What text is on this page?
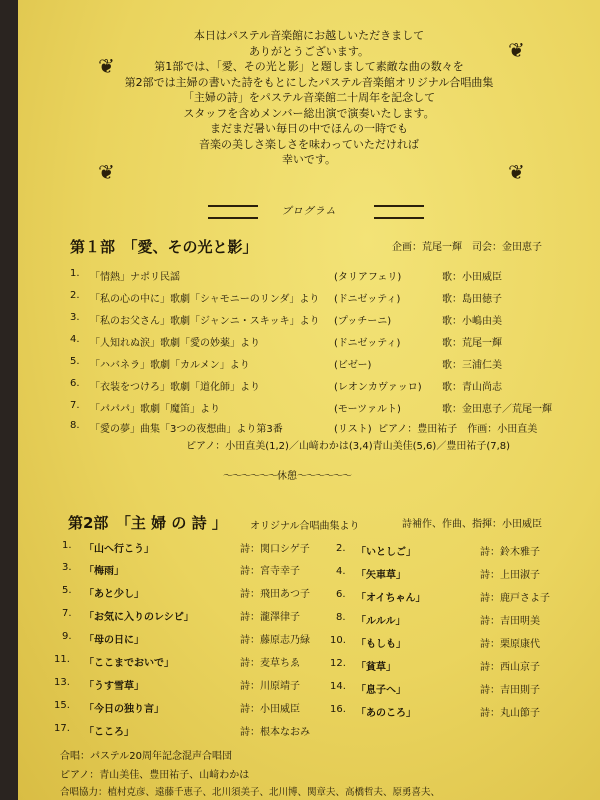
❦
❦
❦	❦
本日はパステル音楽館にお越しいただきまして
ありがとうございます。
第1部では、「愛、その光と影」と題しまして素敵な曲の数々を
第2部では主婦の書いた詩をもとにしたパステル音楽館オリジナル合唱曲集
「主婦の詩」をパステル音楽館二十周年を記念して
スタッフを含めメンバー総出演で演奏いたします。
まだまだ暑い毎日の中でほんの一時でも
音楽の美しさ楽しさを味わっていただければ
幸いです。
プログラム
第１部　「愛、その光と影」	企画：荒尾一輝　司会：金田恵子
1. 「情熱」ナポリ民謡	(タリアフェリ)	歌：小田威臣
2. 「私の心の中に」歌劇「シャモニーのリンダ」より (ドニゼッティ)	歌：島田徳子
3. 「私のお父さん」歌劇「ジャンニ・スキッキ」より (プッチーニ)	歌：小嶋由美
4. 「人知れぬ涙」歌劇「愛の妙薬」より	(ドニゼッティ)	歌：荒尾一輝
5. 「ハバネラ」歌劇「カルメン」より	(ビゼー)	歌：三浦仁美
6. 「衣装をつけろ」歌劇「道化師」より	(レオンカヴァッロ) 歌：青山尚志
7. 「パパパ」歌劇「魔笛」より	(モーツァルト)	歌：金田恵子／荒尾一輝
8. 「愛の夢」曲集「3つの夜想曲」より第3番	(リスト) ピアノ：豊田祐子　作画：小田直美
ピアノ：小田直美(1,2)／山﨑わかは(3,4)青山美佳(5,6)／豊田祐子(7,8)
～～～～～～休憩～～～～～～
第2部　「主 婦 の 詩 」 オリジナル合唱曲集より	詩補作、作曲、指揮：小田威臣
1. 「山へ行こう」	詩：関口シゲ子
3. 「梅雨」	詩：宮寺幸子
5. 「あと少し」	詩：飛田あつ子
7. 「お気に入りのレシピ」	詩：瀧澤律子
9. 「母の日に」	詩：藤原志乃緑
11. 「ここまでおいで」	詩：麦草ちゑ
13. 「うす雪草」	詩：川原靖子
15. 「今日の独り言」	詩：小田威臣
17. 「こころ」	詩：根本なおみ
2. 「いとしご」	詩：鈴木雅子
4. 「矢車草」	詩：上田淑子
6. 「オイちゃん」	詩：鹿戸さよ子
8. 「ルルル」	詩：吉田明美
10. 「もしも」	詩：栗原康代
12. 「貧草」	詩：西山京子
14. 「息子へ」	詩：吉田則子
16. 「あのころ」	詩：丸山節子
合唱：パステル20周年記念混声合唱団
ピアノ：青山美佳、豊田祐子、山﨑わかは
合唱協力：植村克彦、遠藤千恵子、北川須美子、北川博、関章夫、高橋哲夫、原勇喜夫、
